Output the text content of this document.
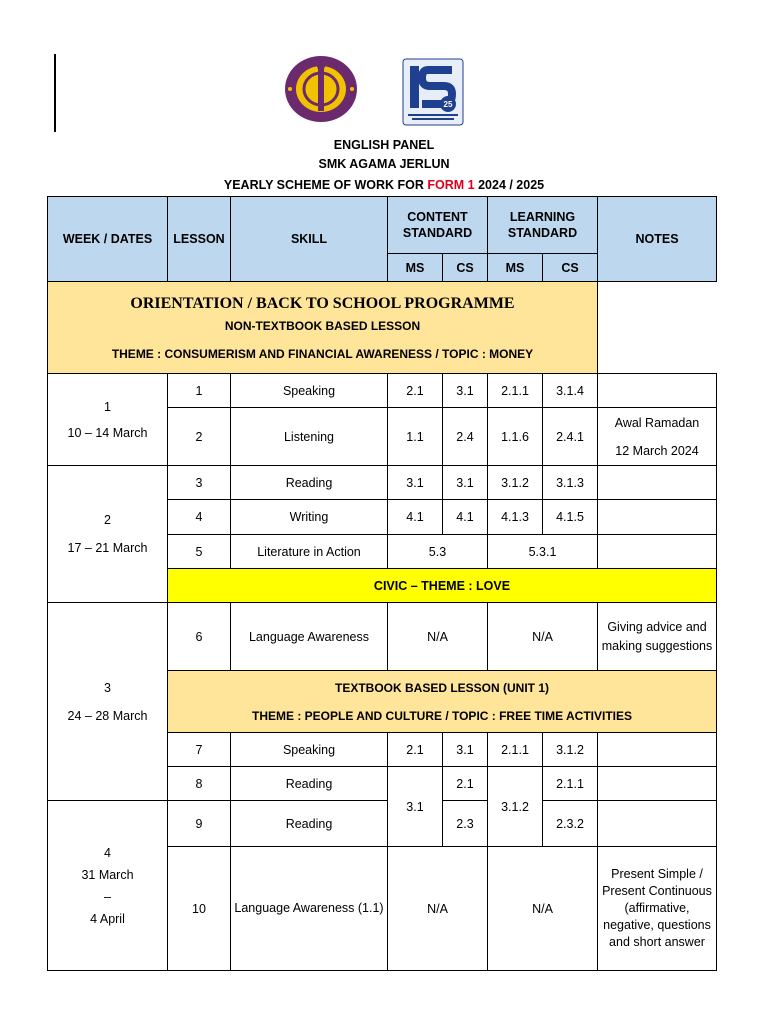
25
ENGLISH PANEL
SMK AGAMA JERLUN
YEARLY SCHEME OF WORK FOR FORM 1 2024 / 2025
WEEK / DATES	LESSON	SKILL	CONTENT STANDARD		LEARNING STANDARD		NOTES
			MS	CS	MS	CS	

ORIENTATION / BACK TO SCHOOL PROGRAMME
NON-TEXTBOOK BASED LESSON
THEME : CONSUMERISM AND FINANCIAL AWARENESS / TOPIC : MONEY							

1
10 – 14 March	1	Speaking	2.1	3.1	2.1.1	3.1.4	
	2	Listening	1.1	2.4	1.1.6	2.4.1	Awal Ramadan
12 March 2024

2
17 – 21 March	3	Reading	3.1	3.1	3.1.2	3.1.3	
	4	Writing	4.1	4.1	4.1.3	4.1.5	
	5	Literature in Action	5.3		5.3.1		
	CIVIC – THEME : LOVE						

3
24 – 28 March	6	Language Awareness	N/A		N/A		Giving advice and making suggestions

	TEXTBOOK BASED LESSON (UNIT 1)
THEME : PEOPLE AND CULTURE / TOPIC : FREE TIME ACTIVITIES						

	7	Speaking	2.1	3.1	2.1.1	3.1.2	
	8	Reading	3.1	2.1	3.1.2	2.1.1	

4
31 March
–
4 April	9	Reading		2.3		2.3.2	
	10	Language Awareness (1.1)	N/A		N/A		Present Simple / Present Continuous (affirmative, negative, questions and short answer
